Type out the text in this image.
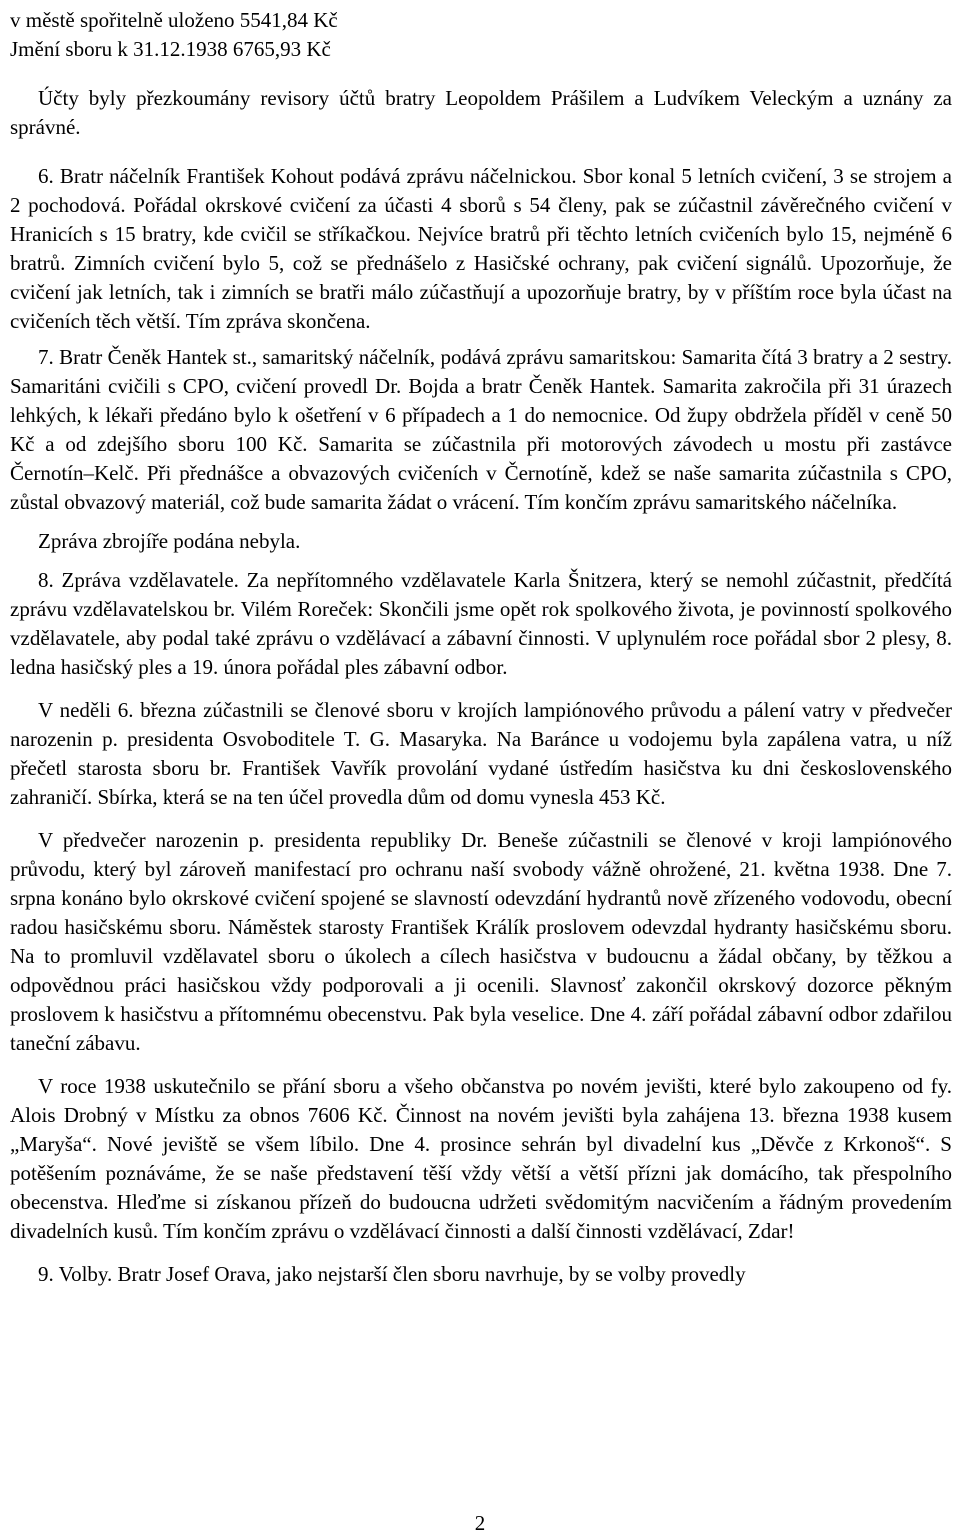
v městě spořitelně uloženo 5541,84 Kč
Jmění sboru k 31.12.1938 6765,93 Kč

Účty byly přezkoumány revisory účtů bratry Leopoldem Prášilem a Ludvíkem Veleckým a uznány za správné.

6. Bratr náčelník František Kohout podává zprávu náčelnickou. Sbor konal 5 letních cvičení, 3 se strojem a 2 pochodová. Pořádal okrskové cvičení za účasti 4 sborů s 54 členy, pak se zúčastnil závěrečného cvičení v Hranicích s 15 bratry, kde cvičil se stříkačkou. Nejvíce bratrů při těchto letních cvičeních bylo 15, nejméně 6 bratrů. Zimních cvičení bylo 5, což se přednášelo z Hasičské ochrany, pak cvičení signálů. Upozorňuje, že cvičení jak letních, tak i zimních se bratři málo zúčastňují a upozorňuje bratry, by v příštím roce byla účast na cvičeních těch větší. Tím zpráva skončena.

7. Bratr Čeněk Hantek st., samaritský náčelník, podává zprávu samaritskou: Samarita čítá 3 bratry a 2 sestry. Samaritáni cvičili s CPO, cvičení provedl Dr. Bojda a bratr Čeněk Hantek. Samarita zakročila při 31 úrazech lehkých, k lékaři předáno bylo k ošetření v 6 případech a 1 do nemocnice. Od župy obdržela příděl v ceně 50 Kč a od zdejšího sboru 100 Kč. Samarita se zúčastnila při motorových závodech u mostu při zastávce Černotín–Kelč. Při přednášce a obvazových cvičeních v Černotíně, kdež se naše samarita zúčastnila s CPO, zůstal obvazový materiál, což bude samarita žádat o vrácení. Tím končím zprávu samaritského náčelníka.

Zpráva zbrojíře podána nebyla.

8. Zpráva vzdělavatele. Za nepřítomného vzdělavatele Karla Šnitzera, který se nemohl zúčastnit, předčítá zprávu vzdělavatelskou br. Vilém Roreček: Skončili jsme opět rok spolkového života, je povinností spolkového vzdělavatele, aby podal také zprávu o vzdělávací a zábavní činnosti. V uplynulém roce pořádal sbor 2 plesy, 8. ledna hasičský ples a 19. února pořádal ples zábavní odbor.

V neděli 6. března zúčastnili se členové sboru v krojích lampiónového průvodu a pálení vatry v předvečer narozenin p. presidenta Osvoboditele T. G. Masaryka. Na Baránce u vodojemu byla zapálena vatra, u níž přečetl starosta sboru br. František Vavřík provolání vydané ústředím hasičstva ku dni československého zahraničí. Sbírka, která se na ten účel provedla dům od domu vynesla 453 Kč.

V předvečer narozenin p. presidenta republiky Dr. Beneše zúčastnili se členové v kroji lampiónového průvodu, který byl zároveň manifestací pro ochranu naší svobody vážně ohrožené, 21. května 1938. Dne 7. srpna konáno bylo okrskové cvičení spojené se slavností odevzdání hydrantů nově zřízeného vodovodu, obecní radou hasičskému sboru. Náměstek starosty František Králík proslovem odevzdal hydranty hasičskému sboru. Na to promluvil vzdělavatel sboru o úkolech a cílech hasičstva v budoucnu a žádal občany, by těžkou a odpovědnou práci hasičskou vždy podporovali a ji ocenili. Slavnosť zakončil okrskový dozorce pěkným proslovem k hasičstvu a přítomnému obecenstvu. Pak byla veselice. Dne 4. září pořádal zábavní odbor zdařilou taneční zábavu.

V roce 1938 uskutečnilo se přání sboru a všeho občanstva po novém jevišti, které bylo zakoupeno od fy. Alois Drobný v Místku za obnos 7606 Kč. Činnost na novém jevišti byla zahájena 13. března 1938 kusem „Maryša“. Nové jeviště se všem líbilo. Dne 4. prosince sehrán byl divadelní kus „Děvče z Krkonoš“. S potěšením poznáváme, že se naše představení těší vždy větší a větší přízni jak domácího, tak přespolního obecenstva. Hleďme si získanou přízeň do budoucna udržeti svědomitým nacvičením a řádným provedením divadelních kusů. Tím končím zprávu o vzdělávací činnosti a další činnosti vzdělávací, Zdar!

9. Volby. Bratr Josef Orava, jako nejstarší člen sboru navrhuje, by se volby provedly

2
